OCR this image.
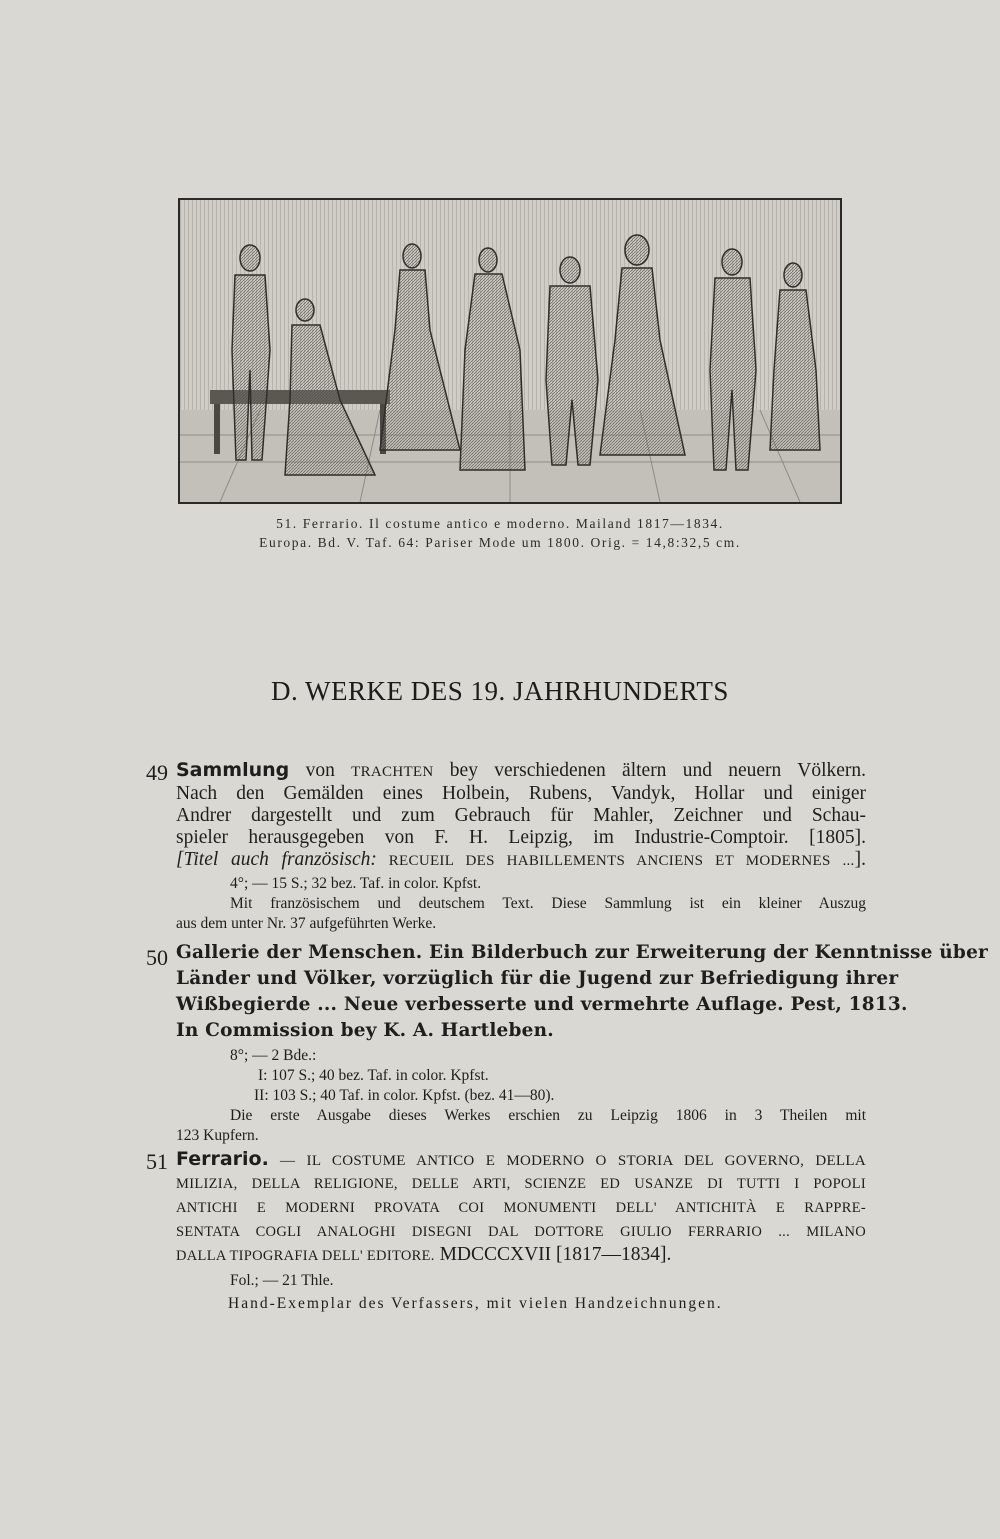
51. Ferrario. Il costume antico e moderno. Mailand 1817—1834.
Europa. Bd. V. Taf. 64: Pariser Mode um 1800. Orig. = 14,8:32,5 cm.
D. WERKE DES 19. JAHRHUNDERTS
49 Sammlung von TRACHTEN bey verschiedenen ältern und neuern Völkern.
Nach den Gemälden eines Holbein, Rubens, Vandyk, Hollar und einiger
Andrer dargestellt und zum Gebrauch für Mahler, Zeichner und Schau-
spieler herausgegeben von F. H. Leipzig, im Industrie-Comptoir. [1805].
[Titel auch französisch: RECUEIL DES HABILLEMENTS ANCIENS ET MODERNES ...].
4°; — 15 S.; 32 bez. Taf. in color. Kpfst.
Mit französischem und deutschem Text. Diese Sammlung ist ein kleiner Auszug
aus dem unter Nr. 37 aufgeführten Werke.
50 Gallerie der Menschen. Ein Bilderbuch zur Erweiterung der Kenntnisse über
Länder und Völker, vorzüglich für die Jugend zur Befriedigung ihrer
Wißbegierde ... Neue verbesserte und vermehrte Auflage. Pest, 1813.
In Commission bey K. A. Hartleben.
8°; — 2 Bde.:
I: 107 S.; 40 bez. Taf. in color. Kpfst.
II: 103 S.; 40 Taf. in color. Kpfst. (bez. 41—80).
Die erste Ausgabe dieses Werkes erschien zu Leipzig 1806 in 3 Theilen mit
123 Kupfern.
51 Ferrario. — IL COSTUME ANTICO E MODERNO O STORIA DEL GOVERNO, DELLA
MILIZIA, DELLA RELIGIONE, DELLE ARTI, SCIENZE ED USANZE DI TUTTI I POPOLI
ANTICHI E MODERNI PROVATA COI MONUMENTI DELL' ANTICHITÀ E RAPPRE-
SENTATA COGLI ANALOGHI DISEGNI DAL DOTTORE GIULIO FERRARIO ... MILANO
DALLA TIPOGRAFIA DELL' EDITORE. MDCCCXVII [1817—1834].
Fol.; — 21 Thle.
Hand-Exemplar des Verfassers, mit vielen Handzeichnungen.
